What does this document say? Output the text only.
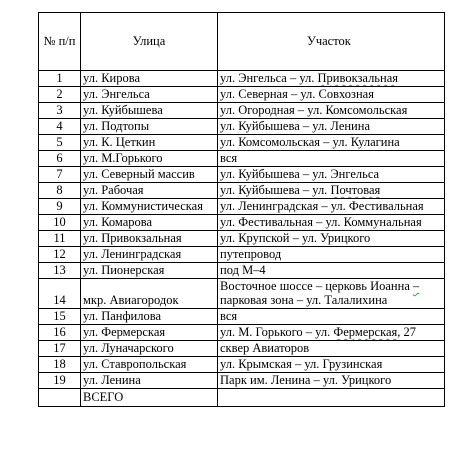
№ п/п	Улица	Участок
1	ул. Кирова	ул. Энгельса – ул. Привокзальная
2	ул. Энгельса	ул. Северная – ул. Совхозная
3	ул. Куйбышева	ул. Огородная – ул. Комсомольская
4	ул. Подтопы	ул. Куйбышева – ул. Ленина
5	ул. К. Цеткин	ул. Комсомольская – ул. Кулагина
6	ул. М.Горького	вся
7	ул. Северный массив	ул. Куйбышева – ул. Энгельса
8	ул. Рабочая	ул. Куйбышева – ул. Почтовая
9	ул. Коммунистическая	ул. Ленинградская – ул. Фестивальная
10	ул. Комарова	ул. Фестивальная – ул. Коммунальная
11	ул. Привокзальная	ул. Крупской – ул. Урицкого
12	ул. Ленинградская	путепровод
13	ул. Пионерская	под М–4
14	мкр. Авиагородок	Восточное шоссе – церковь Иоанна – парковая зона – ул. Талалихина
15	ул. Панфилова	вся
16	ул. Фермерская	ул. М. Горького – ул. Фермерская, 27
17	ул. Луначарского	сквер Авиаторов
18	ул. Ставропольская	ул. Крымская – ул. Грузинская
19	ул. Ленина	Парк им. Ленина – ул. Урицкого
	ВСЕГО	
